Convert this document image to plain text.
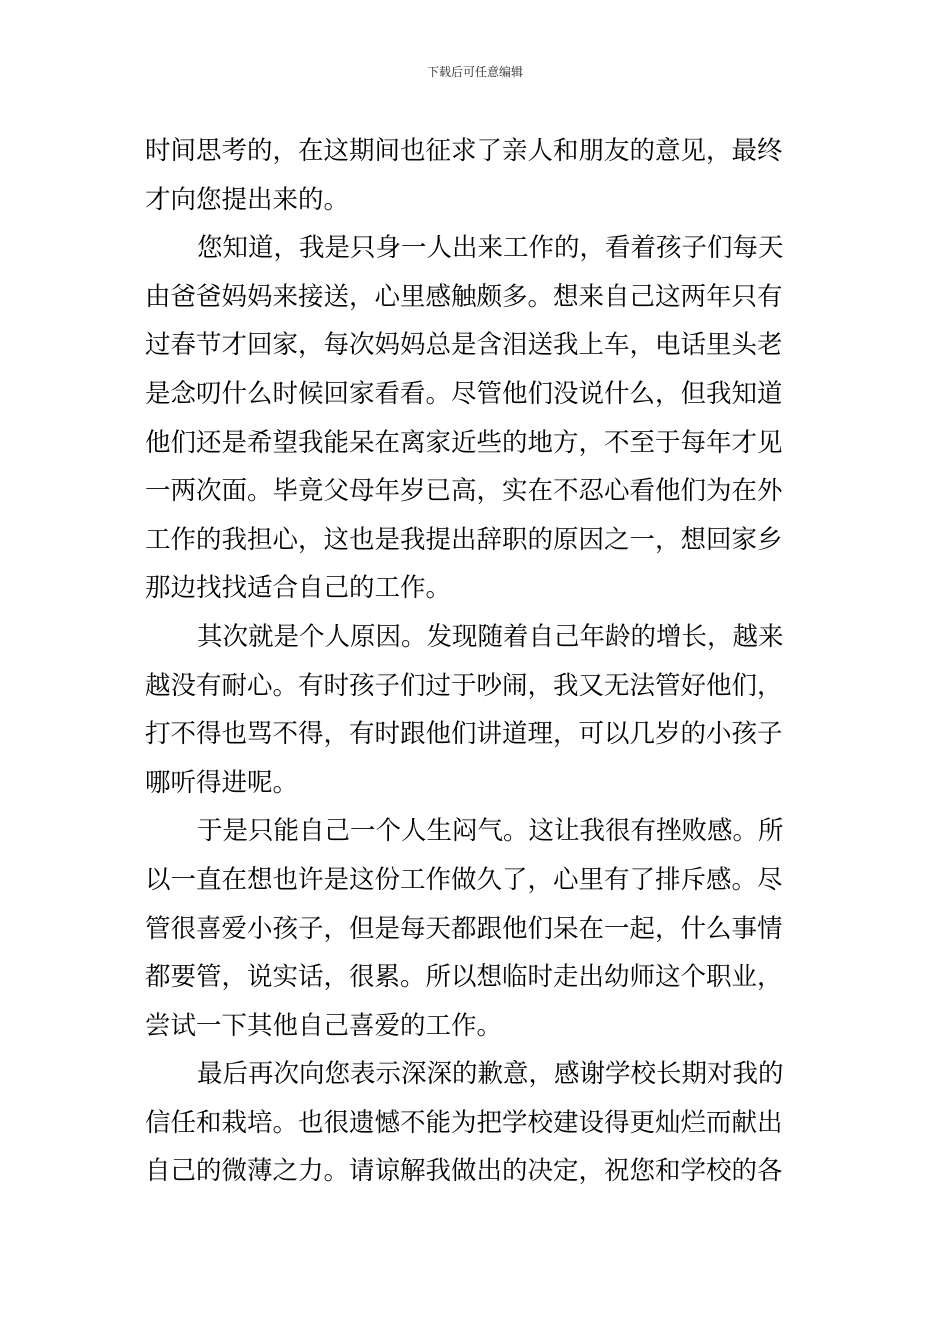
下载后可任意编辑
时间思考的，在这期间也征求了亲人和朋友的意见，最终
才向您提出来的。
您知道，我是只身一人出来工作的，看着孩子们每天
由爸爸妈妈来接送，心里感触颇多。想来自己这两年只有
过春节才回家，每次妈妈总是含泪送我上车，电话里头老
是念叨什么时候回家看看。尽管他们没说什么，但我知道
他们还是希望我能呆在离家近些的地方，不至于每年才见
一两次面。毕竟父母年岁已高，实在不忍心看他们为在外
工作的我担心，这也是我提出辞职的原因之一，想回家乡
那边找找适合自己的工作。
其次就是个人原因。发现随着自己年龄的增长，越来
越没有耐心。有时孩子们过于吵闹，我又无法管好他们，
打不得也骂不得，有时跟他们讲道理，可以几岁的小孩子
哪听得进呢。
于是只能自己一个人生闷气。这让我很有挫败感。所
以一直在想也许是这份工作做久了，心里有了排斥感。尽
管很喜爱小孩子，但是每天都跟他们呆在一起，什么事情
都要管，说实话，很累。所以想临时走出幼师这个职业，
尝试一下其他自己喜爱的工作。
最后再次向您表示深深的歉意，感谢学校长期对我的
信任和栽培。也很遗憾不能为把学校建设得更灿烂而献出
自己的微薄之力。请谅解我做出的决定，祝您和学校的各
